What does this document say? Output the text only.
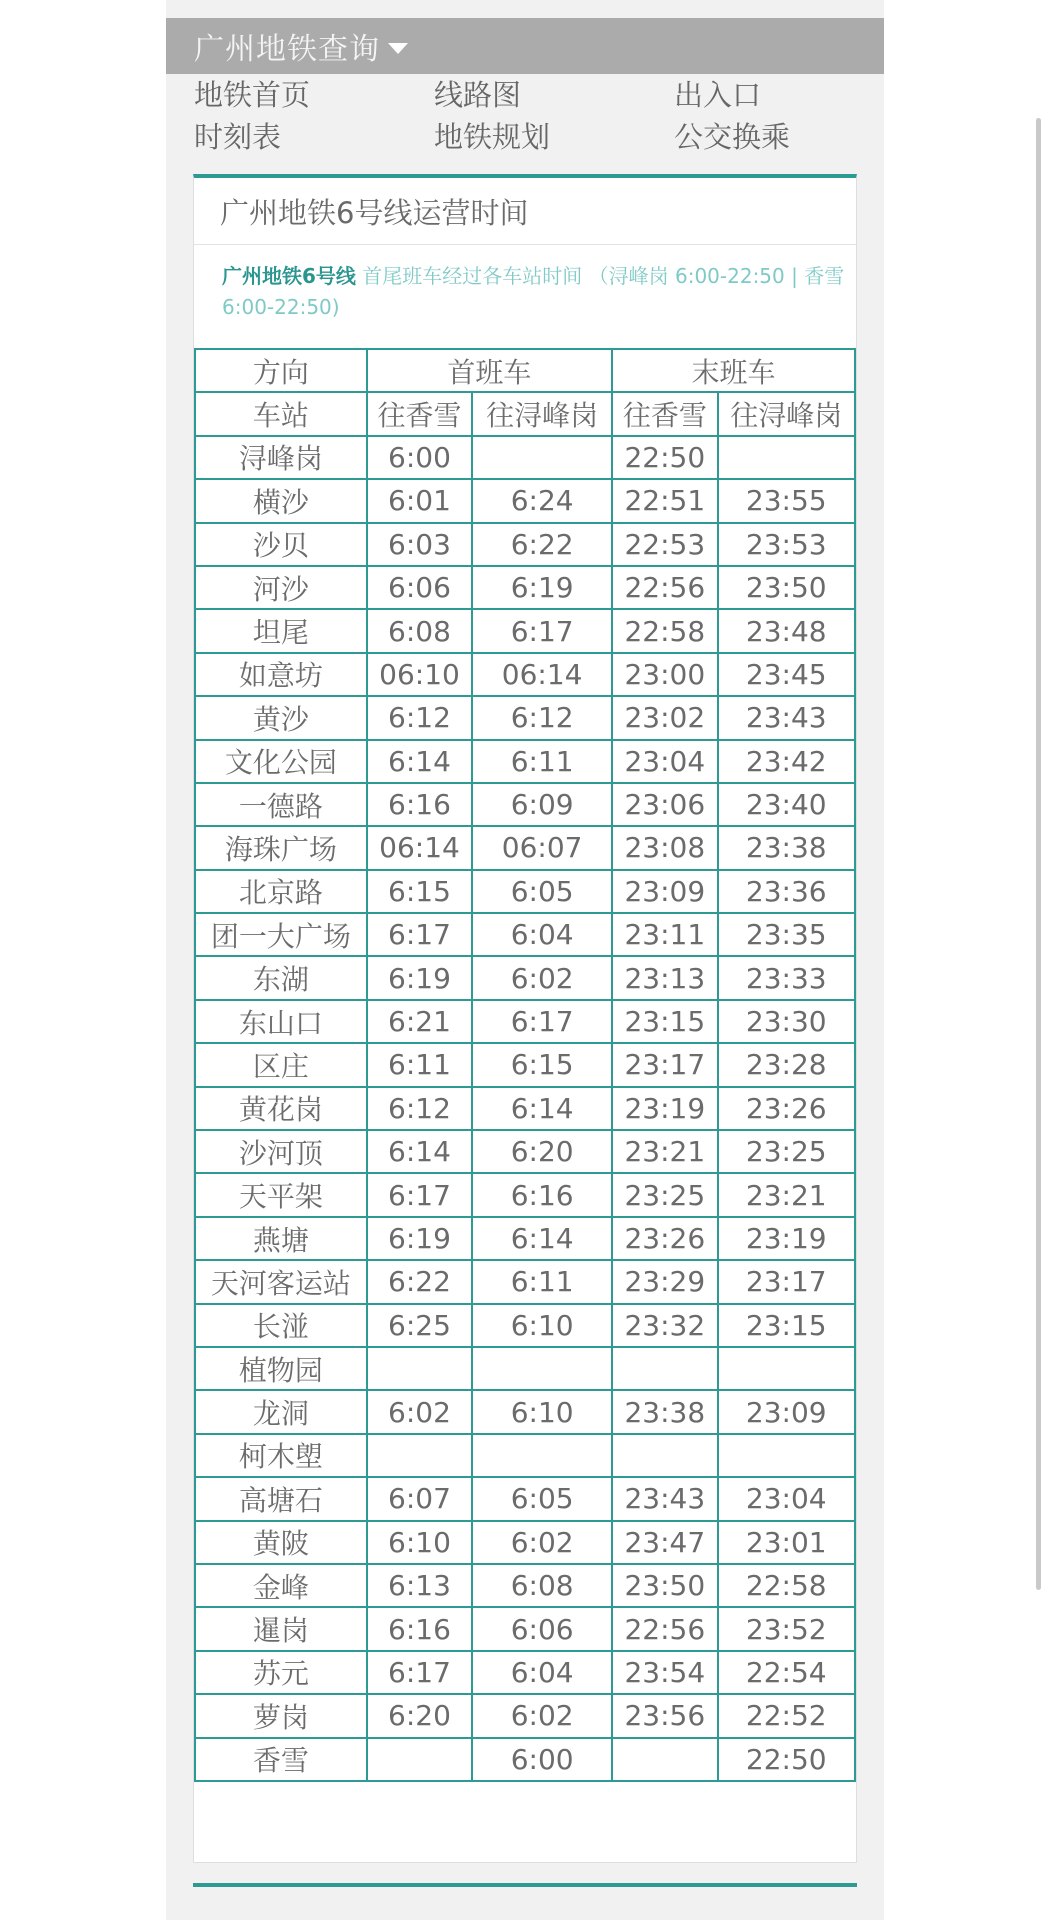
广州地铁查询
地铁首页	线路图	出入口
时刻表	地铁规划	公交换乘
广州地铁6号线运营时间
广州地铁6号线 首尾班车经过各车站时间 （浔峰岗 6:00-22:50 | 香雪 6:00-22:50)
方向	首班车		末班车	
车站	往香雪	往浔峰岗	往香雪	往浔峰岗
浔峰岗	6:00		22:50	
横沙	6:01	6:24	22:51	23:55
沙贝	6:03	6:22	22:53	23:53
河沙	6:06	6:19	22:56	23:50
坦尾	6:08	6:17	22:58	23:48
如意坊	06:10	06:14	23:00	23:45
黄沙	6:12	6:12	23:02	23:43
文化公园	6:14	6:11	23:04	23:42
一德路	6:16	6:09	23:06	23:40
海珠广场	06:14	06:07	23:08	23:38
北京路	6:15	6:05	23:09	23:36
团一大广场	6:17	6:04	23:11	23:35
东湖	6:19	6:02	23:13	23:33
东山口	6:21	6:17	23:15	23:30
区庄	6:11	6:15	23:17	23:28
黄花岗	6:12	6:14	23:19	23:26
沙河顶	6:14	6:20	23:21	23:25
天平架	6:17	6:16	23:25	23:21
燕塘	6:19	6:14	23:26	23:19
天河客运站	6:22	6:11	23:29	23:17
长湴	6:25	6:10	23:32	23:15
植物园				
龙洞	6:02	6:10	23:38	23:09
柯木塱				
高塘石	6:07	6:05	23:43	23:04
黄陂	6:10	6:02	23:47	23:01
金峰	6:13	6:08	23:50	22:58
暹岗	6:16	6:06	22:56	23:52
苏元	6:17	6:04	23:54	22:54
萝岗	6:20	6:02	23:56	22:52
香雪		6:00		22:50
